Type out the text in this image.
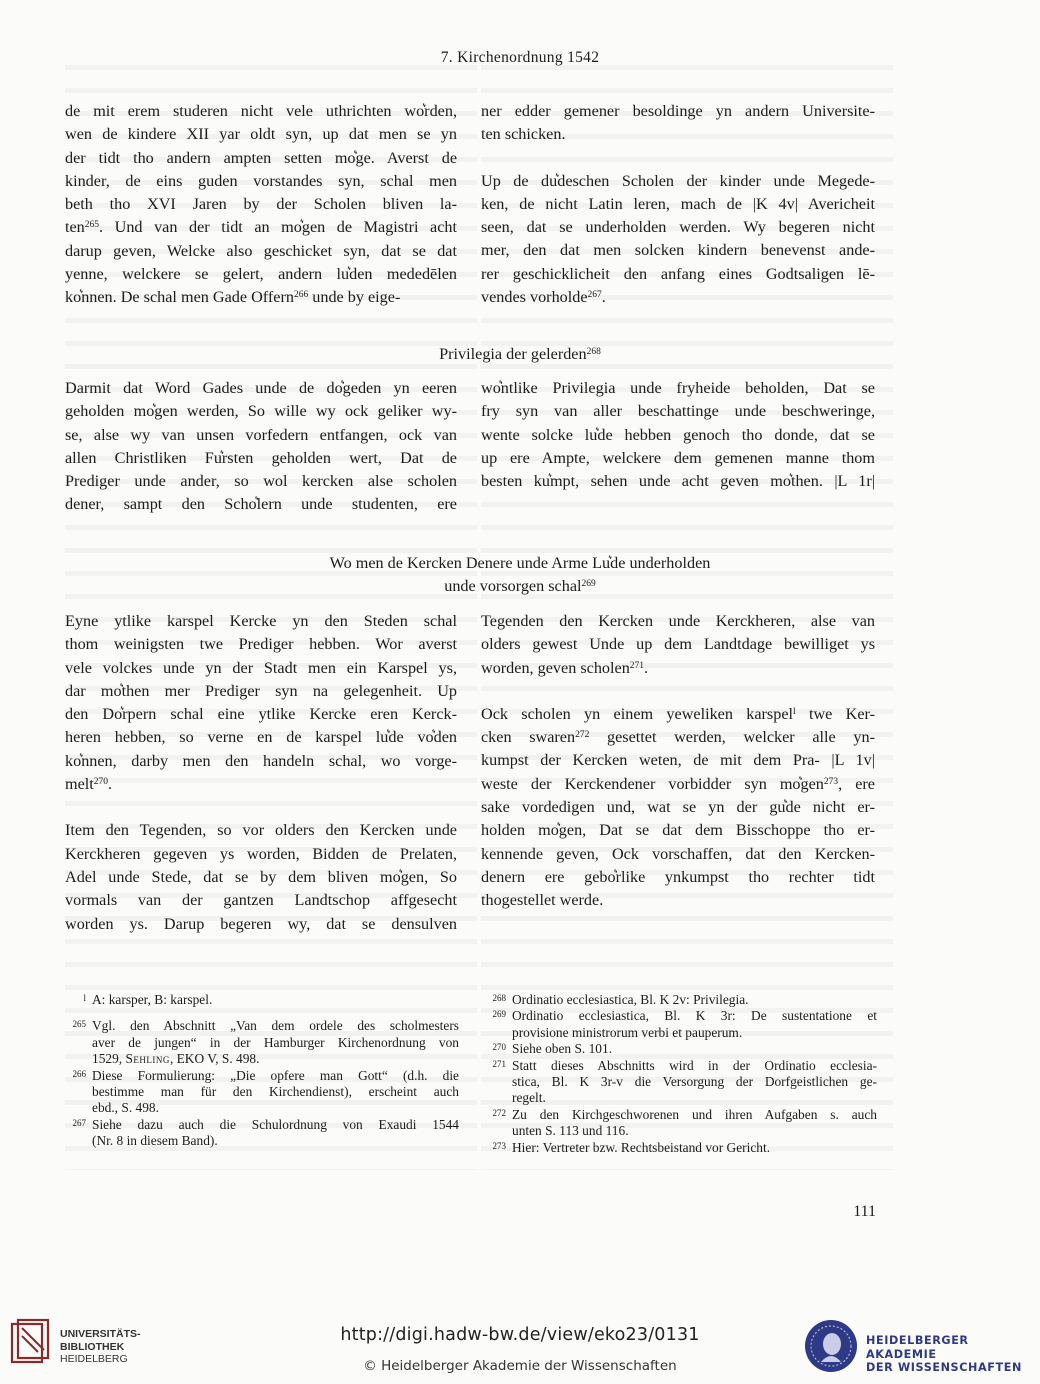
7. Kirchenordnung 1542
de mit erem studeren nicht vele uthrichten wo͛rden,
wen de kindere XII yar oldt syn, up dat men se yn
der tidt tho andern ampten setten mo͛ge. Averst de
kinder, de eins guden vorstandes syn, schal men
beth tho XVI Jaren by der Scholen bliven la-
ten$^{265}$. Und van der tidt an mo͛gen de Magistri acht
darup geven, Welcke also geschicket syn, dat se dat
yenne, welckere se gelert, andern lu͛den mededēlen
ko͛nnen. De schal men Gade Offern$^{266}$ unde by eige-
ner edder gemener besoldinge yn andern Universite-
ten schicken.
Up de du͛deschen Scholen der kinder unde Megede-
ken, de nicht Latin leren, mach de |K 4v| Avericheit
seen, dat se underholden werden. Wy begeren nicht
mer, den dat men solcken kindern benevenst ande-
rer geschicklicheit den anfang eines Godtsaligen lē-
vendes vorholde$^{267}$.
Privilegia der gelerden$^{268}$
Darmit dat Word Gades unde de do͛geden yn eeren
geholden mo͛gen werden, So wille wy ock geliker wy-
se, alse wy van unsen vorfedern entfangen, ock van
allen Christliken Fu͛rsten geholden wert, Dat de
Prediger unde ander, so wol kercken alse scholen
dener, sampt den Scho͛lern unde studenten, ere
wo͛ntlike Privilegia unde fryheide beholden, Dat se
fry syn van aller beschattinge unde beschweringe,
wente solcke lu͛de hebben genoch tho donde, dat se
up ere Ampte, welckere dem gemenen manne thom
besten ku͛mpt, sehen unde acht geven mo͛then. |L 1r|
Wo men de Kercken Denere unde Arme Lu͛de underholden
unde vorsorgen schal$^{269}$
Eyne ytlike karspel Kercke yn den Steden schal
thom weinigsten twe Prediger hebben. Wor averst
vele volckes unde yn der Stadt men ein Karspel ys,
dar mo͛then mer Prediger syn na gelegenheit. Up
den Do͛rpern schal eine ytlike Kercke eren Kerck-
heren hebben, so verne en de karspel lu͛de vo͛den
ko͛nnen, darby men den handeln schal, wo vorge-
melt$^{270}$.
Item den Tegenden, so vor olders den Kercken unde
Kerckheren gegeven ys worden, Bidden de Prelaten,
Adel unde Stede, dat se by dem bliven mo͛gen, So
vormals van der gantzen Landtschop affgesecht
worden ys. Darup begeren wy, dat se densulven
Tegenden den Kercken unde Kerckheren, alse van
olders gewest Unde up dem Landtdage bewilliget ys
worden, geven scholen$^{271}$.
Ock scholen yn einem yeweliken karspel$^l$ twe Ker-
cken swaren$^{272}$ gesettet werden, welcker alle yn-
kumpst der Kercken weten, de mit dem Pra- |L 1v|
weste der Kerckendener vorbidder syn mo͛gen$^{273}$, ere
sake vordedigen und, wat se yn der gu͛de nicht er-
holden mo͛gen, Dat se dat dem Bisschoppe tho er-
kennende geven, Ock vorschaffen, dat den Kercken-
denern ere gebo͛rlike ynkumpst tho rechter tidt
thogestellet werde.
l A: karsper, B: karspel.
265 Vgl. den Abschnitt „Van dem ordele des scholmesters
aver de jungen“ in der Hamburger Kirchenordnung von
1529, Sehling, EKO V, S. 498.
266 Diese Formulierung: „Die opfere man Gott“ (d.h. die
bestimme man für den Kirchendienst), erscheint auch
ebd., S. 498.
267 Siehe dazu auch die Schulordnung von Exaudi 1544
(Nr. 8 in diesem Band).
268 Ordinatio ecclesiastica, Bl. K 2v: Privilegia.
269 Ordinatio ecclesiastica, Bl. K 3r: De sustentatione et
provisione ministrorum verbi et pauperum.
270 Siehe oben S. 101.
271 Statt dieses Abschnitts wird in der Ordinatio ecclesia-
stica, Bl. K 3r-v die Versorgung der Dorfgeistlichen ge-
regelt.
272 Zu den Kirchgeschworenen und ihren Aufgaben s. auch
unten S. 113 und 116.
273 Hier: Vertreter bzw. Rechtsbeistand vor Gericht.
111
UNIVERSITÄTS-
BIBLIOTHEK
HEIDELBERG
http://digi.hadw-bw.de/view/eko23/0131
© Heidelberger Akademie der Wissenschaften
HEIDELBERGER AKADEMIE
DER WISSENSCHAFTEN
